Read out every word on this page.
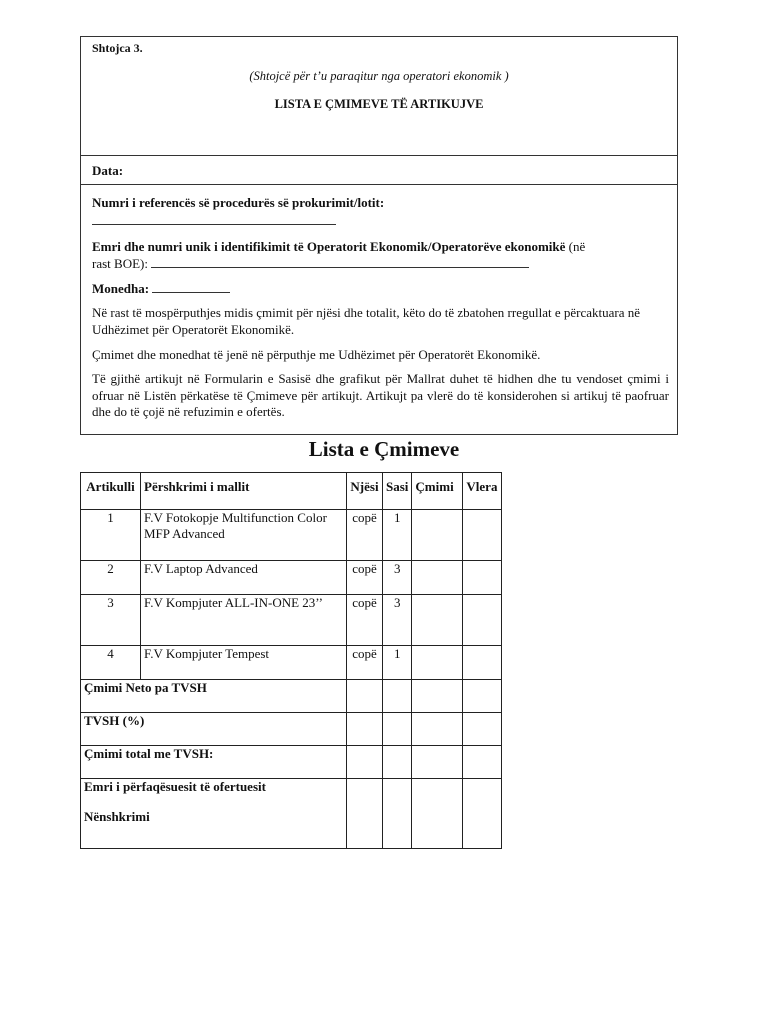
Shtojca 3.
(Shtojcë për t’u paraqitur nga operatori ekonomik )
LISTA E ÇMIMEVE TË ARTIKUJVE
Data:
Numri i referencës së procedurës së prokurimit/lotit:
Emri dhe numri unik i identifikimit të Operatorit Ekonomik/Operatorëve ekonomikë (në
rast BOE):
Monedha:
Në rast të mospërputhjes midis çmimit për njësi dhe totalit, këto do të zbatohen rregullat e përcaktuara në Udhëzimet për Operatorët Ekonomikë.
Çmimet dhe monedhat të jenë në përputhje me Udhëzimet për Operatorët Ekonomikë.
Të gjithë artikujt në Formularin e Sasisë dhe grafikut për Mallrat duhet të hidhen dhe tu vendoset çmimi i ofruar në Listën përkatëse të Çmimeve për artikujt. Artikujt pa vlerë do të konsiderohen si artikuj të paofruar dhe do të çojë në refuzimin e ofertës.
Lista e Çmimeve
Artikulli	Përshkrimi i mallit	Njësi	Sasi	Çmimi	Vlera
1	F.V Fotokopje Multifunction Color MFP Advanced	copë	1		
2	F.V Laptop Advanced	copë	3		
3	F.V Kompjuter ALL-IN-ONE 23’’	copë	3		
4	F.V Kompjuter Tempest	copë	1		
Çmimi Neto pa TVSH					
TVSH (%)					
Çmimi total me TVSH:					

Emri i përfaqësuesit të ofertuesit
Nënshkrimi					
